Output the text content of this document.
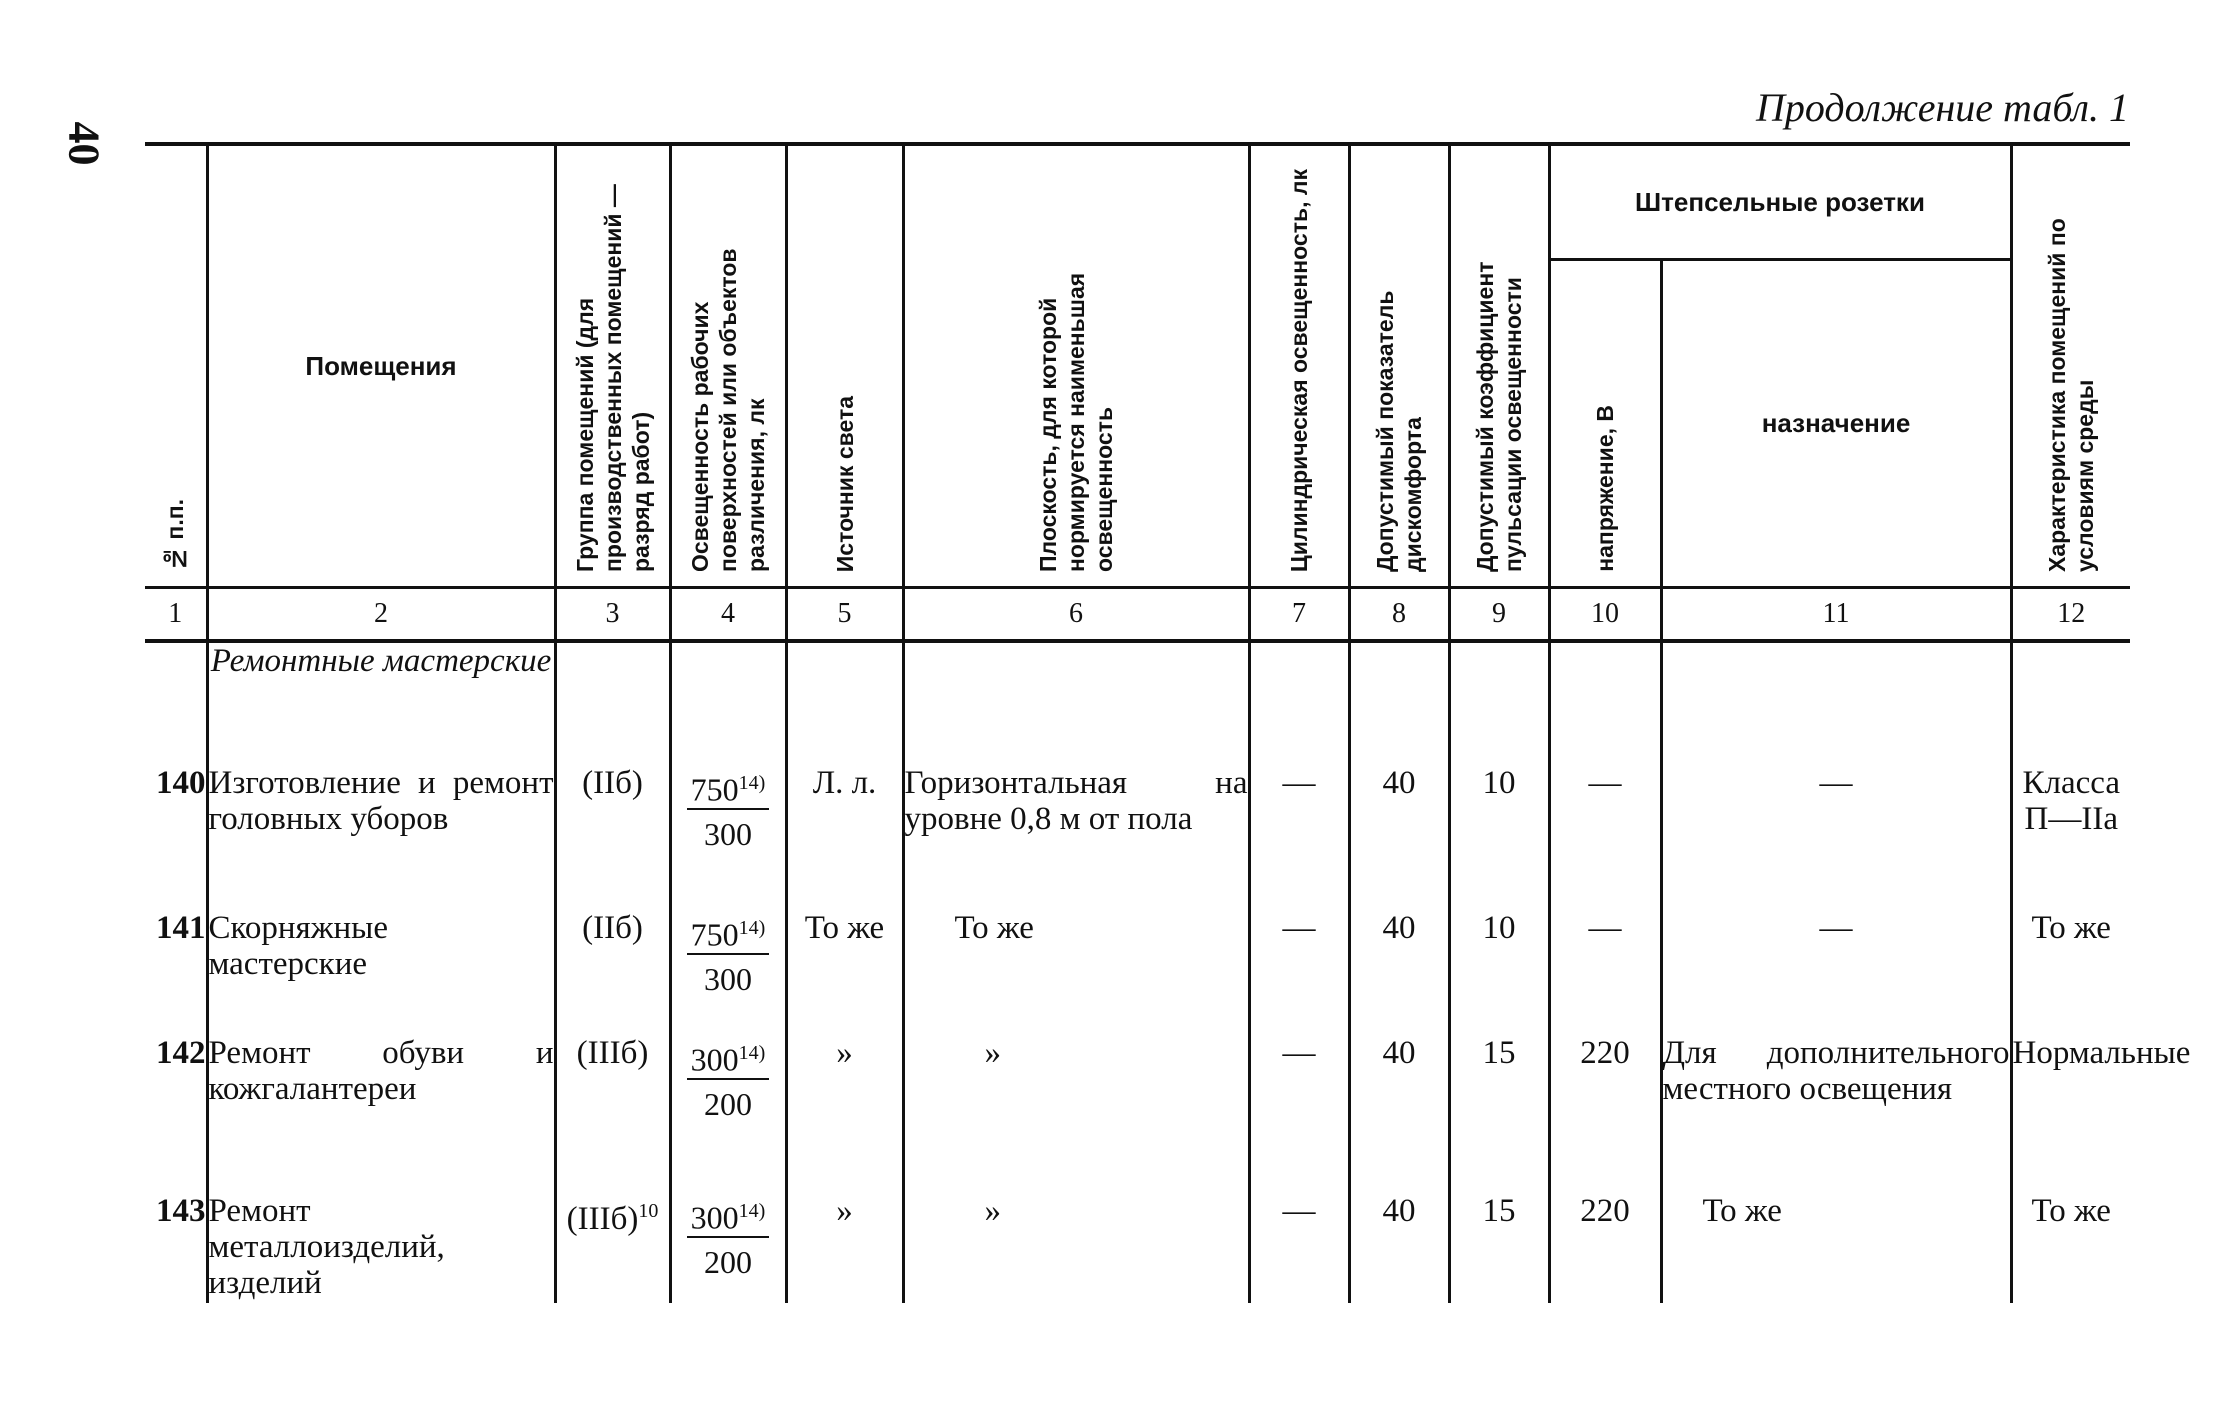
40
Продолжение табл. 1

№ п.п.	Помещения	Группа помещений (для производственных помещений — разряд работ)	Освещенность рабочих поверхностей или объектов различения, лк	Источник света	Плоскость, для которой нормируется наименьшая освещенность	Цилиндрическая освещенность, лк	Допустимый показатель дискомфорта	Допустимый коэффициент пульсации освещенности	Штепсельные розетки		Характеристика помещений по условиям среды

									напряжение, В	назначение	

1	2	3	4	5	6	7	8	9	10	11	12
	Ремонтные мастерские										
140	Изготовление и ремонт головных уборов	(IIб)	$\frac{750^{14)}}{300}$	Л. л.	Горизонтальная на уровне 0,8 м от пола	—	40	10	—	—	Класса П—IIа
141	Скорняжные мастерские	(IIб)	$\frac{750^{14)}}{300}$	То же	То же	—	40	10	—	—	То же
142	Ремонт обуви и кожгалантереи	(IIIб)	$\frac{300^{14)}}{200}$	»	»	—	40	15	220	Для дополнительного местного освещения	Нормальные
143	Ремонт металлоизделий, изделий	(IIIб)$^{10}$	$\frac{300^{14)}}{200}$	»	»	—	40	15	220	То же	То же
